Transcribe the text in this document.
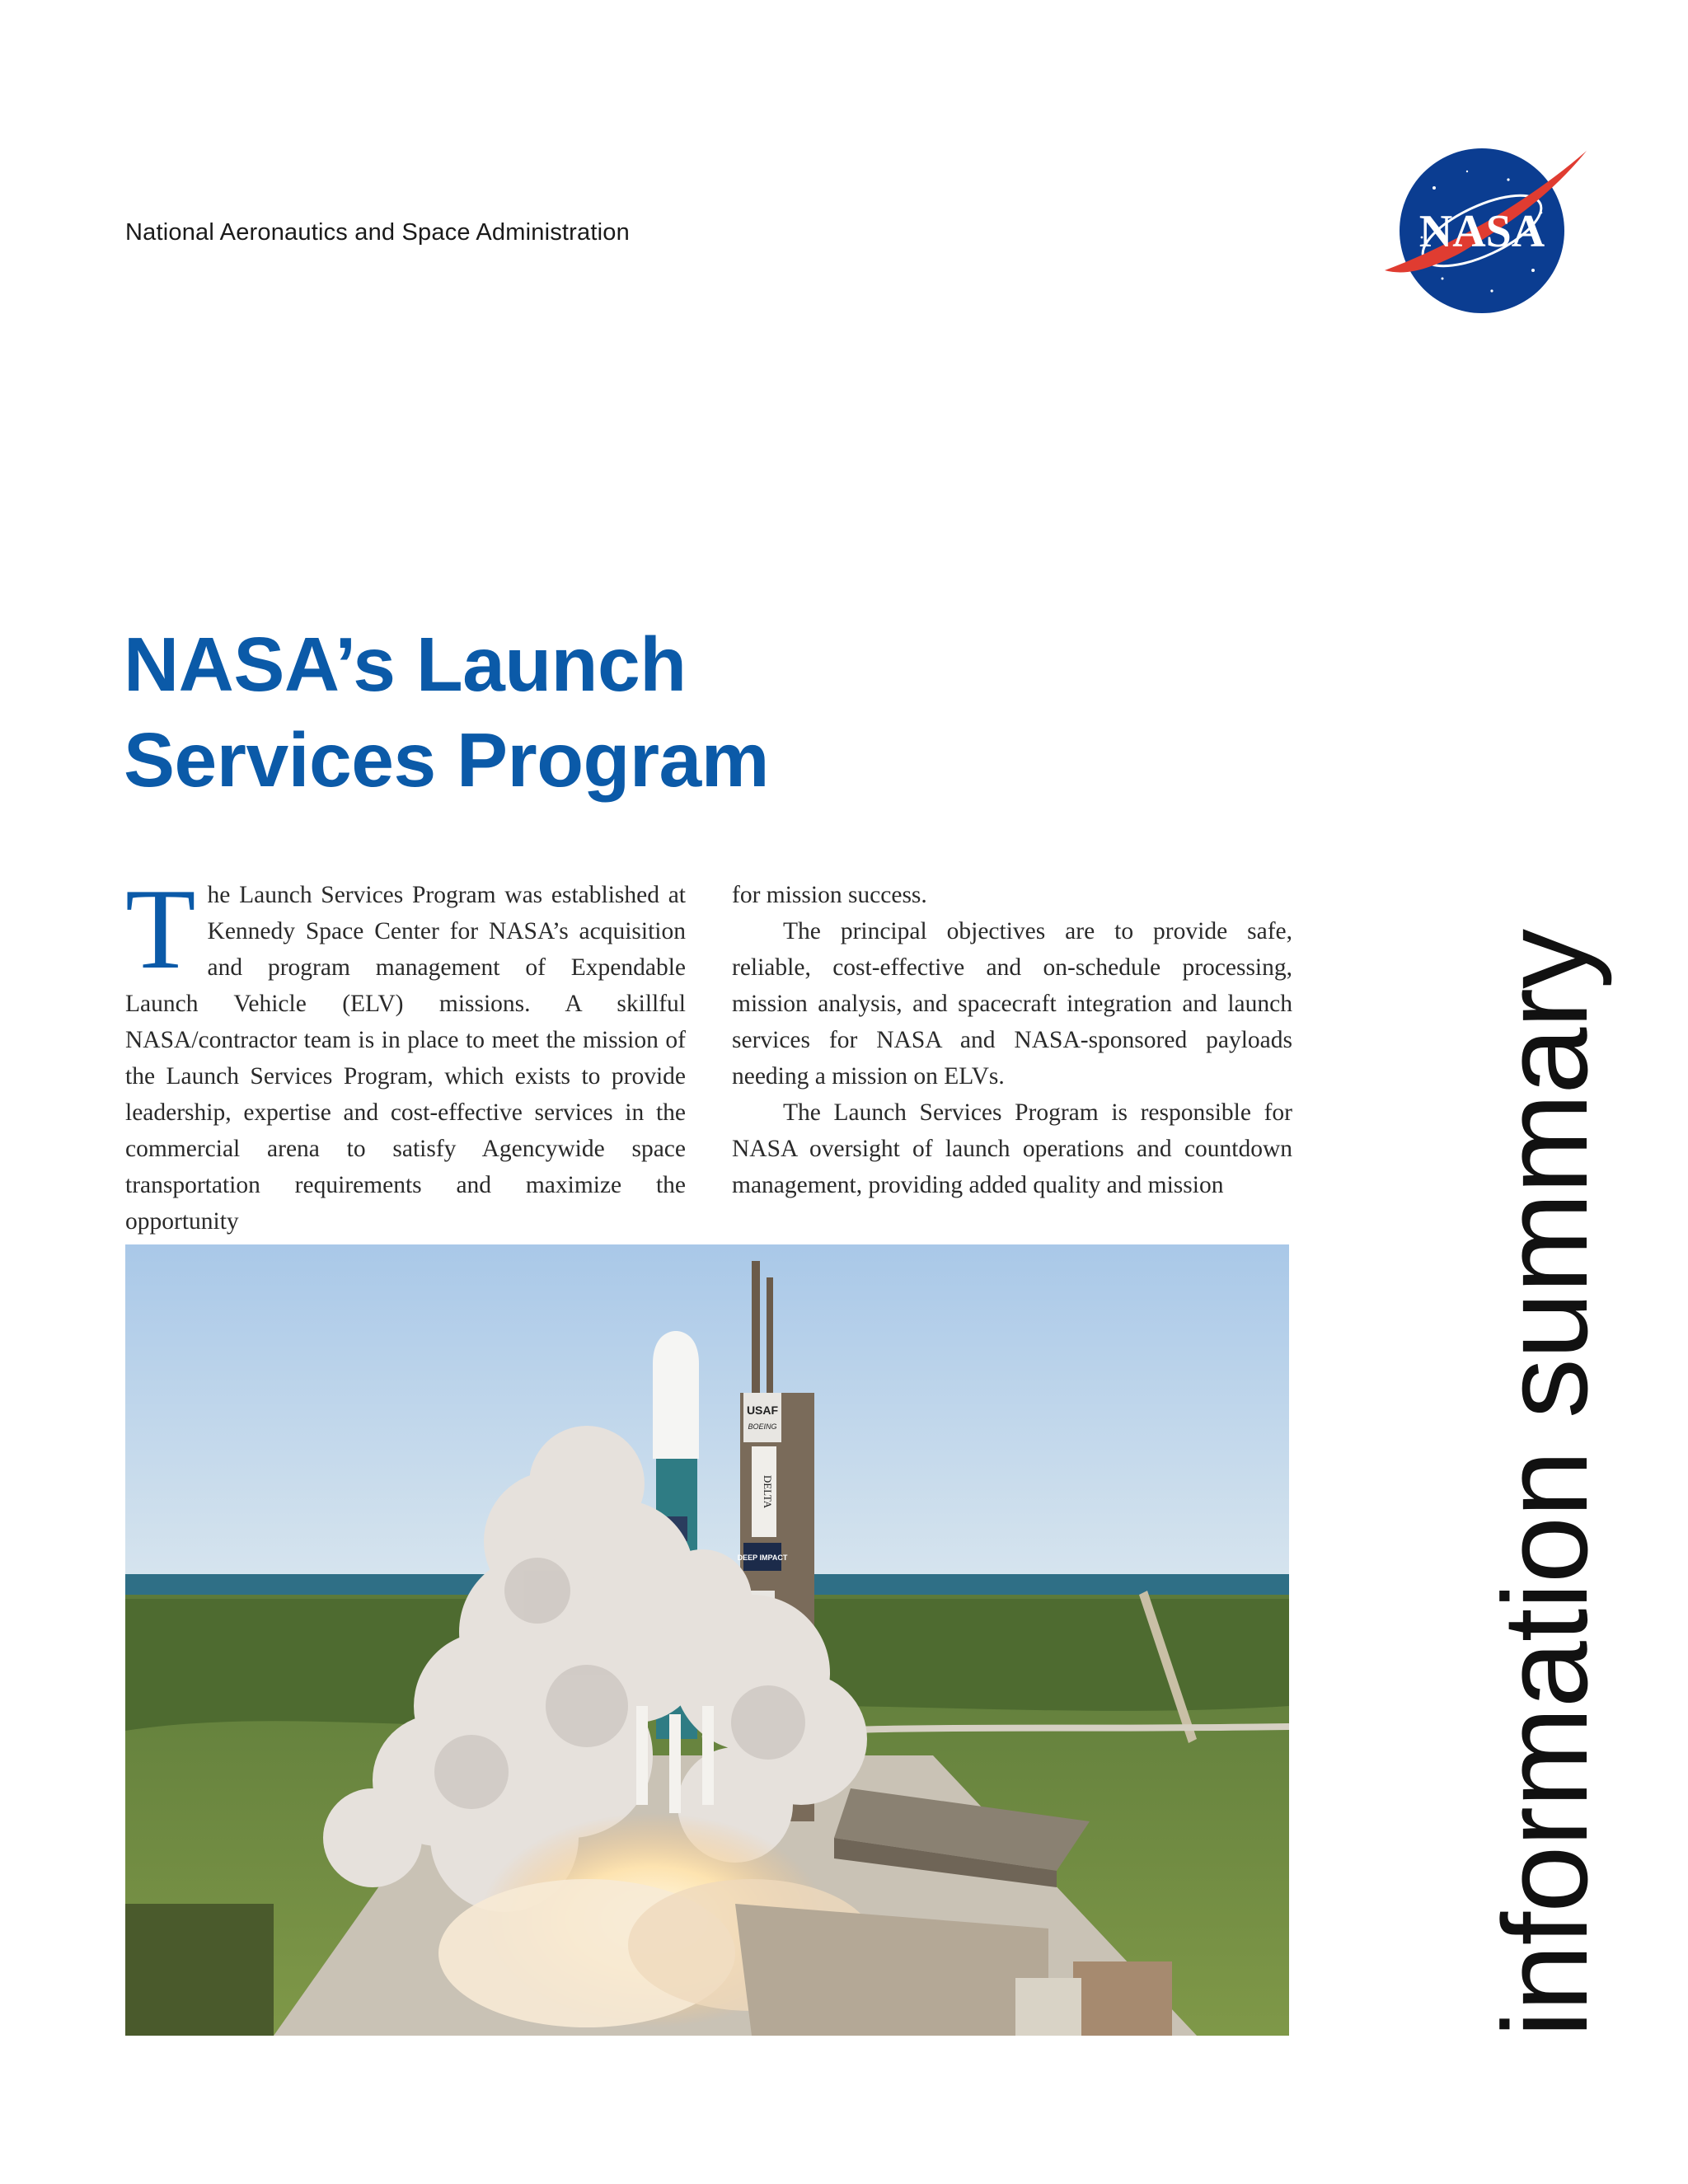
National Aeronautics and Space Administration	NASA
NASA’s Launch
Services Program

The Launch Services Program was established at Kennedy Space Center for NASA’s acquisition and program management of Expendable Launch Vehicle (ELV) missions. A skillful NASA/contractor team is in place to meet the mission of the Launch Services Program, which exists to provide leadership, expertise and cost-effective services in the commercial arena to satisfy Agencywide space transportation requirements and maximize the opportunity

for mission success.

The principal objectives are to provide safe, reliable, cost-effective and on-schedule processing, mission analysis, and spacecraft integration and launch services for NASA and NASA-sponsored payloads needing a mission on ELVs.

The Launch Services Program is responsible for NASA oversight of launch operations and countdown management, providing added quality and mission	information summary
USAF
BOEING
DELTA
DEEP IMPACT
